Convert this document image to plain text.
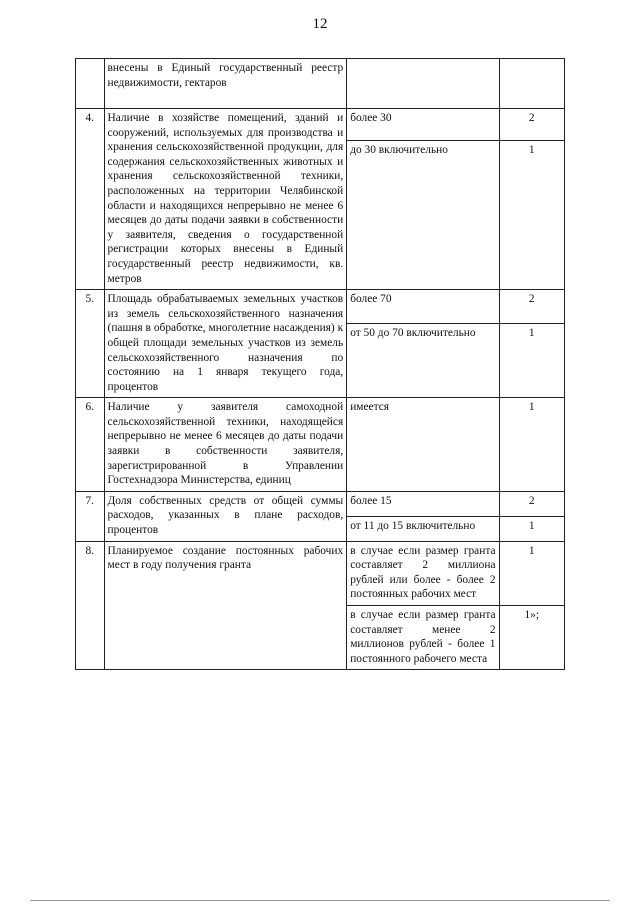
12
	внесены в Единый государственный реестр недвижимости, гектаров		
4.	Наличие в хозяйстве помещений, зданий и сооружений, используемых для производства и хранения сельскохозяйственной продукции, для содержания сельскохозяйственных животных и хранения сельскохозяйственной техники, расположенных на территории Челябинской области и находящихся непрерывно не менее 6 месяцев до даты подачи заявки в собственности у заявителя, сведения о государственной регистрации которых внесены в Единый государственный реестр недвижимости, кв. метров	более 30	2
		до 30 включительно	1
5.	Площадь обрабатываемых земельных участков из земель сельскохозяйственного назначения (пашня в обработке, многолетние насаждения) к общей площади земельных участков из земель сельскохозяйственного назначения по состоянию на 1 января текущего года, процентов	более 70	2
		от 50 до 70 включительно	1
6.	Наличие у заявителя самоходной сельскохозяйственной техники, находящейся непрерывно не менее 6 месяцев до даты подачи заявки в собственности заявителя, зарегистрированной в Управлении Гостехнадзора Министерства, единиц	имеется	1
7.	Доля собственных средств от общей суммы расходов, указанных в плане расходов, процентов	более 15	2
		от 11 до 15 включительно	1
8.	Планируемое создание постоянных рабочих мест в году получения гранта	в случае если размер гранта составляет 2 миллиона рублей или более - более 2 постоянных рабочих мест	1
		в случае если размер гранта составляет менее 2 миллионов рублей - более 1 постоянного рабочего места	1»;
